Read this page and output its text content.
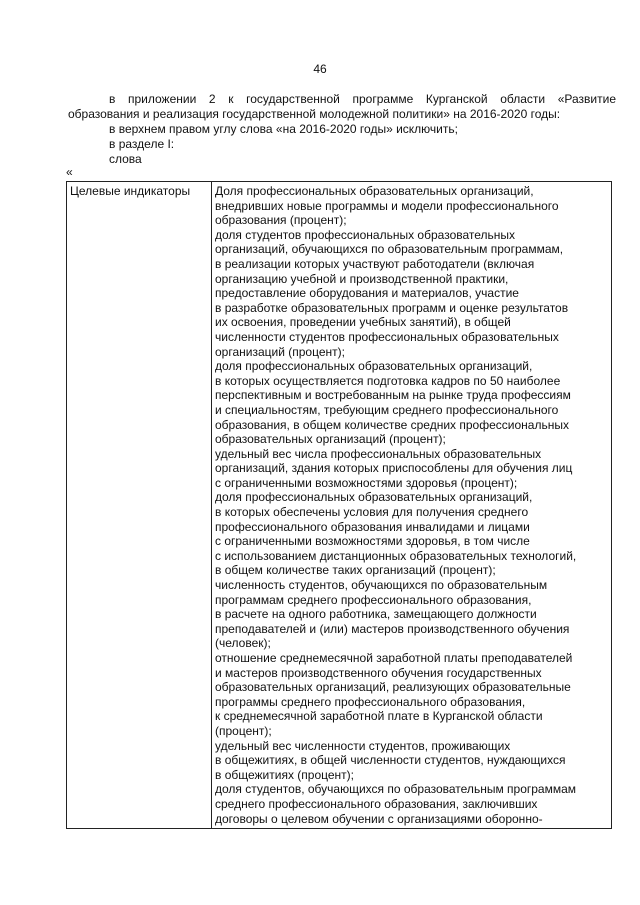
46

в приложении 2 к государственной программе Курганской области «Развитие образования и реализация государственной молодежной политики» на 2016-2020 годы:

в верхнем правом углу слова «на 2016-2020 годы» исключить;

в разделе I:

слова

«
Целевые индикаторы	Доля профессиональных образовательных организаций,
внедривших новые программы и модели профессионального
образования (процент);
доля студентов профессиональных образовательных
организаций, обучающихся по образовательным программам,
в реализации которых участвуют работодатели (включая
организацию учебной и производственной практики,
предоставление оборудования и материалов, участие
в разработке образовательных программ и оценке результатов
их освоения, проведении учебных занятий), в общей
численности студентов профессиональных образовательных
организаций (процент);
доля профессиональных образовательных организаций,
в которых осуществляется подготовка кадров по 50 наиболее
перспективным и востребованным на рынке труда профессиям
и специальностям, требующим среднего профессионального
образования, в общем количестве средних профессиональных
образовательных организаций (процент);
удельный вес числа профессиональных образовательных
организаций, здания которых приспособлены для обучения лиц
с ограниченными возможностями здоровья (процент);
доля профессиональных образовательных организаций,
в которых обеспечены условия для получения среднего
профессионального образования инвалидами и лицами
с ограниченными возможностями здоровья, в том числе
с использованием дистанционных образовательных технологий,
в общем количестве таких организаций (процент);
численность студентов, обучающихся по образовательным
программам среднего профессионального образования,
в расчете на одного работника, замещающего должности
преподавателей и (или) мастеров производственного обучения
(человек);
отношение среднемесячной заработной платы преподавателей
и мастеров производственного обучения государственных
образовательных организаций, реализующих образовательные
программы среднего профессионального образования,
к среднемесячной заработной плате в Курганской области
(процент);
удельный вес численности студентов, проживающих
в общежитиях, в общей численности студентов, нуждающихся
в общежитиях (процент);
доля студентов, обучающихся по образовательным программам
среднего профессионального образования, заключивших
договоры о целевом обучении с организациями оборонно-
